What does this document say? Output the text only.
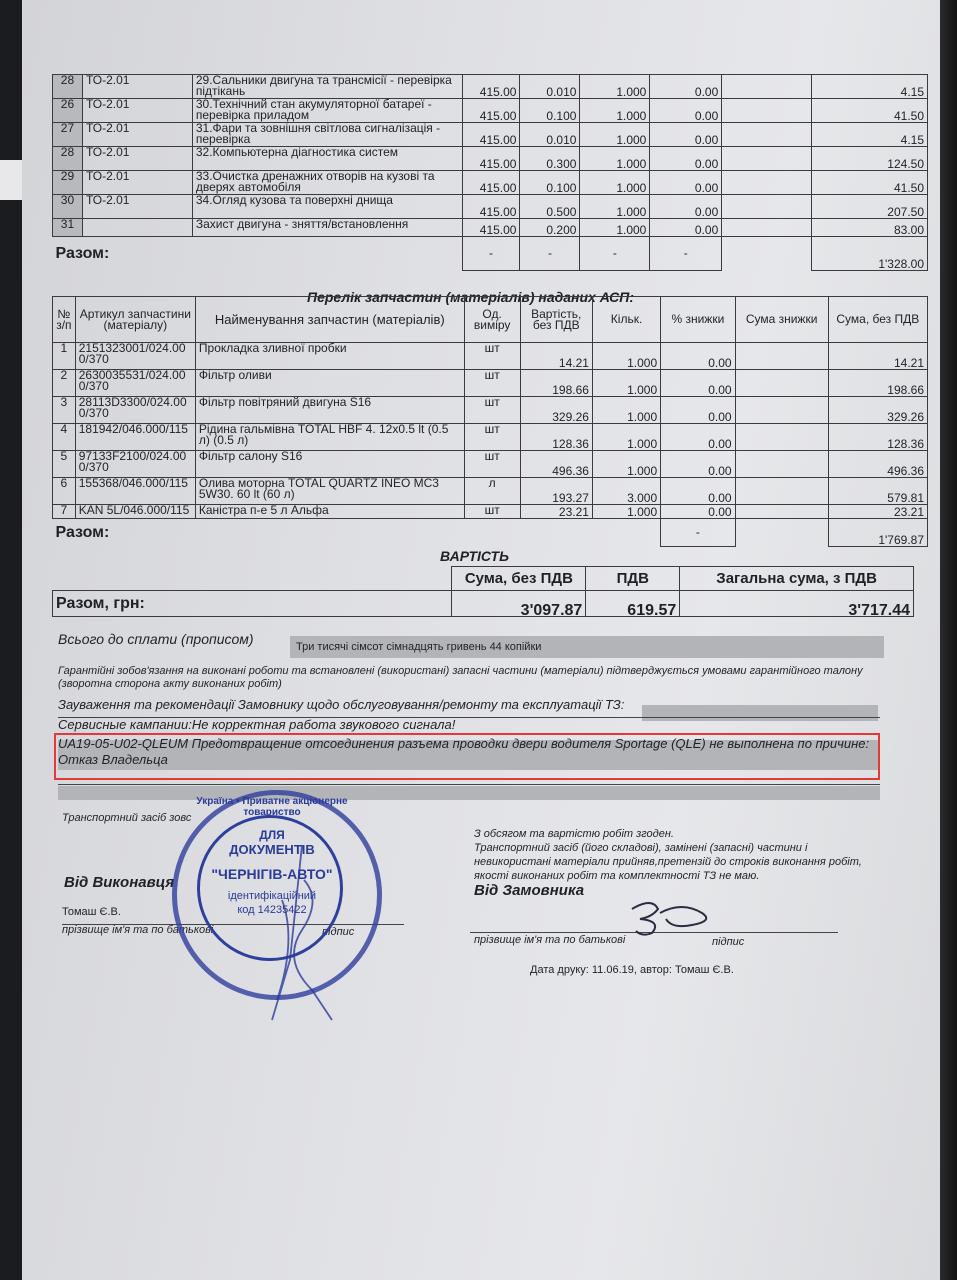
28	ТО-2.01	29.Сальники двигуна та трансмісії - перевірка підтікань	415.00	0.010	1.000	0.00		4.15
26	ТО-2.01	30.Технічний стан акумуляторної батареї - перевірка приладом	415.00	0.100	1.000	0.00		41.50
27	ТО-2.01	31.Фари та зовнішня світлова сигналізація - перевірка	415.00	0.010	1.000	0.00		4.15
28	ТО-2.01	32.Компьютерна діагностика систем	415.00	0.300	1.000	0.00		124.50
29	ТО-2.01	33.Очистка дренажних отворів на кузові та дверях автомобіля	415.00	0.100	1.000	0.00		41.50
30	ТО-2.01	34.Огляд кузова та поверхні днища	415.00	0.500	1.000	0.00		207.50
31		Захист двигуна - зняття/встановлення	415.00	0.200	1.000	0.00		83.00
Разом:			-	-	-	-		1'328.00
Перелік запчастин (матеріалів) наданих АСП:
№ з/п	Артикул запчастини (матеріалу)	Найменування запчастин (матеріалів)	Од. виміру	Вартість, без ПДВ	Кільк.	% знижки	Сума знижки	Сума, без ПДВ
1	2151323001/024.00 0/370	Прокладка зливної пробки	шт	14.21	1.000	0.00		14.21
2	2630035531/024.00 0/370	Фільтр оливи	шт	198.66	1.000	0.00		198.66
3	28113D3300/024.00 0/370	Фільтр повітряний двигуна S16	шт	329.26	1.000	0.00		329.26
4	181942/046.000/115	Рідина гальмівна TOTAL HBF 4. 12x0.5 lt (0.5 л) (0.5 л)	шт	128.36	1.000	0.00		128.36
5	97133F2100/024.00 0/370	Фільтр салону S16	шт	496.36	1.000	0.00		496.36
6	155368/046.000/115	Олива моторна TOTAL QUARTZ INEO MC3 5W30. 60 lt (60 л)	л	193.27	3.000	0.00		579.81
7	KAN 5L/046.000/115	Каністра п-е 5 л Альфа	шт	23.21	1.000	0.00		23.21
Разом:						-		1'769.87
ВАРТІСТЬ
	Сума, без ПДВ	ПДВ	Загальна сума, з ПДВ
Разом, грн:	3'097.87	619.57	3'717.44
Всього до сплати (прописом)	Три тисячі сімсот сімнадцять гривень 44 копійки
Гарантійні зобов'язання на виконані роботи та встановлені (використані) запасні частини (матеріали) підтверджується умовами гарантійного талону (зворотна сторона акту виконаних робіт)
Зауваження та рекомендації Замовнику щодо обслуговування/ремонту та експлуатації ТЗ:
Сервисные кампании:Не корректная работа звукового сигнала!
UA19-05-U02-QLEUM Предотвращение отсоединения разъема проводки двери водителя Sportage (QLE) не выполнена по причине:
Отказ Владельца
Транспортний засіб зовс
Від Виконавця
Томаш Є.В.
прізвище ім'я та по батькові	підпис
З обсягом та вартістю робіт згоден.
Транспортний засіб (його складові), замінені (запасні) частини і
невикористані матеріали прийняв,претензій до строків виконання робіт,
якості виконаних робіт та комплектності ТЗ не маю.
Від Замовника
прізвище ім'я та по батькові	підпис
Дата друку: 11.06.19, автор: Томаш Є.В.
ДЛЯ
ДОКУМЕНТІВ
"ЧЕРНІГІВ-АВТО"
ідентифікаційний
код 14235422
Україна • Приватне акціонерне товариство
